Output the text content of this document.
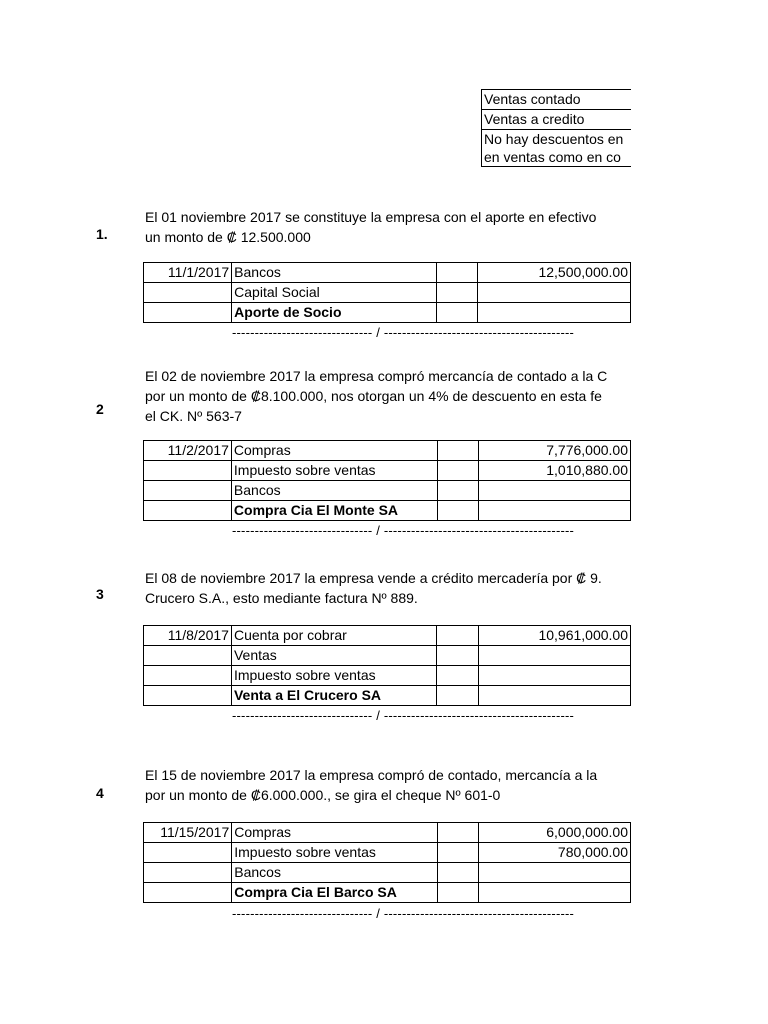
Ventas contado
Ventas a credito
No hay descuentos en
en ventas como en co
El 01 noviembre 2017 se constituye la empresa con el aporte en efectivo
un monto de ₡ 12.500.000
1.
11/1/2017	Bancos		12,500,000.00
	Capital Social		
	Aporte de Socio		
------------------------------- / ------------------------------------------
El 02 de noviembre 2017 la empresa compró mercancía de contado a la C
por un monto de ₡8.100.000, nos otorgan un 4% de descuento en esta fe
el CK. Nº 563-7
2
11/2/2017	Compras		7,776,000.00
	Impuesto sobre ventas		1,010,880.00
	Bancos		
	Compra Cia El Monte SA		
------------------------------- / ------------------------------------------
El 08 de noviembre 2017 la empresa vende a crédito mercadería por ₡ 9.
Crucero S.A., esto mediante factura Nº 889.
3
11/8/2017	Cuenta por cobrar		10,961,000.00
	Ventas		
	Impuesto sobre ventas		
	Venta a El Crucero SA		
------------------------------- / ------------------------------------------
El 15 de noviembre 2017 la empresa compró de contado, mercancía a la
por un monto de ₡6.000.000., se gira el cheque Nº 601-0
4
11/15/2017	Compras		6,000,000.00
	Impuesto sobre ventas		780,000.00
	Bancos		
	Compra Cia El Barco SA		
------------------------------- / ------------------------------------------
